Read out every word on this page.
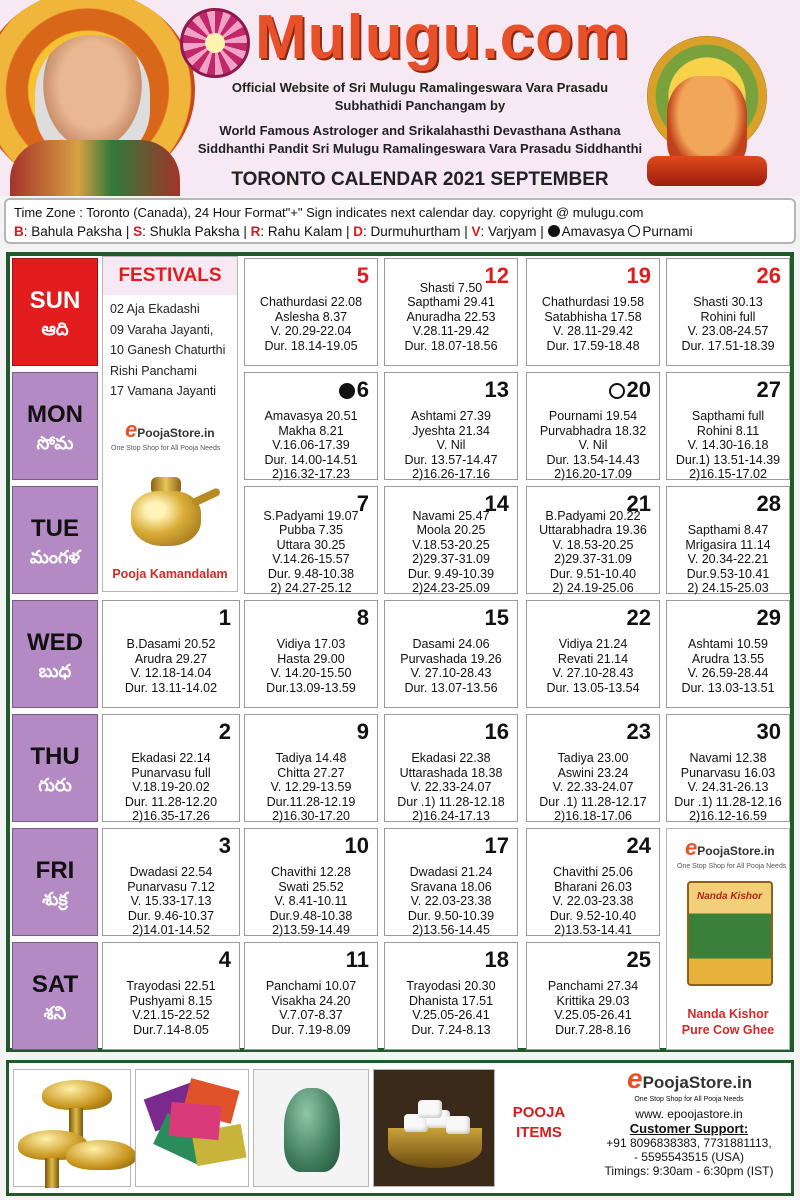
Mulugu.com
Official Website of Sri Mulugu Ramalingeswara Vara Prasadu
Subhathidi Panchangam by
World Famous Astrologer and Srikalahasthi Devasthana Asthana
Siddhanthi Pandit Sri Mulugu Ramalingeswara Vara Prasadu Siddhanthi
TORONTO CALENDAR 2021 SEPTEMBER
Time Zone : Toronto (Canada), 24 Hour Format"+" Sign indicates next calendar day. copyright @ mulugu.com
B: Bahula Paksha | S: Shukla Paksha | R: Rahu Kalam | D: Durmuhurtham | V: Varjyam | Amavasya Purnami
SUN
ఆది
5
Chathurdasi 22.08
Aslesha 8.37
V. 20.29-22.04
Dur. 18.14-19.05
12
Shasti 7.50
Sapthami 29.41
Anuradha 22.53
V.28.11-29.42
Dur. 18.07-18.56
19
Chathurdasi 19.58
Satabhisha 17.58
V. 28.11-29.42
Dur. 17.59-18.48
26
Shasti 30.13
Rohini full
V. 23.08-24.57
Dur. 17.51-18.39
MON
సోమ
6
Amavasya 20.51
Makha 8.21
V.16.06-17.39
Dur. 14.00-14.51
2)16.32-17.23
13
Ashtami 27.39
Jyeshta 21.34
V. Nil
Dur. 13.57-14.47
2)16.26-17.16
20
Pournami 19.54
Purvabhadra 18.32
V. Nil
Dur. 13.54-14.43
2)16.20-17.09
27
Sapthami full
Rohini 8.11
V. 14.30-16.18
Dur.1) 13.51-14.39
2)16.15-17.02
TUE
మంగళ
7
S.Padyami 19.07
Pubba 7.35
Uttara 30.25
V.14.26-15.57
Dur. 9.48-10.38
2) 24.27-25.12
14
Navami 25.47
Moola 20.25
V.18.53-20.25
2)29.37-31.09
Dur. 9.49-10.39
2)24.23-25.09
21
B.Padyami 20.22
Uttarabhadra 19.36
V. 18.53-20.25
2)29.37-31.09
Dur. 9.51-10.40
2) 24.19-25.06
28
Sapthami 8.47
Mrigasira 11.14
V. 20.34-22.21
Dur.9.53-10.41
2) 24.15-25.03
WED
బుధ
1
B.Dasami 20.52
Arudra 29.27
V. 12.18-14.04
Dur. 13.11-14.02
8
Vidiya 17.03
Hasta 29.00
V. 14.20-15.50
Dur.13.09-13.59
15
Dasami 24.06
Purvashada 19.26
V. 27.10-28.43
Dur. 13.07-13.56
22
Vidiya 21.24
Revati 21.14
V. 27.10-28.43
Dur. 13.05-13.54
29
Ashtami 10.59
Arudra 13.55
V. 26.59-28.44
Dur. 13.03-13.51
THU
గురు
2
Ekadasi 22.14
Punarvasu full
V.18.19-20.02
Dur. 11.28-12.20
2)16.35-17.26
9
Tadiya 14.48
Chitta 27.27
V. 12.29-13.59
Dur.11.28-12.19
2)16.30-17.20
16
Ekadasi 22.38
Uttarashada 18.38
V. 22.33-24.07
Dur .1) 11.28-12.18
2)16.24-17.13
23
Tadiya 23.00
Aswini 23.24
V. 22.33-24.07
Dur .1) 11.28-12.17
2)16.18-17.06
30
Navami 12.38
Punarvasu 16.03
V. 24.31-26.13
Dur .1) 11.28-12.16
2)16.12-16.59
FRI
శుక్ర
3
Dwadasi 22.54
Punarvasu 7.12
V. 15.33-17.13
Dur. 9.46-10.37
2)14.01-14.52
10
Chavithi 12.28
Swati 25.52
V. 8.41-10.11
Dur.9.48-10.38
2)13.59-14.49
17
Dwadasi 21.24
Sravana 18.06
V. 22.03-23.38
Dur. 9.50-10.39
2)13.56-14.45
24
Chavithi 25.06
Bharani 26.03
V. 22.03-23.38
Dur. 9.52-10.40
2)13.53-14.41
SAT
శని
4
Trayodasi 22.51
Pushyami 8.15
V.21.15-22.52
Dur.7.14-8.05
11
Panchami 10.07
Visakha 24.20
V.7.07-8.37
Dur. 7.19-8.09
18
Trayodasi 20.30
Dhanista 17.51
V.25.05-26.41
Dur. 7.24-8.13
25
Panchami 27.34
Krittika 29.03
V.25.05-26.41
Dur.7.28-8.16
FESTIVALS
02 Aja Ekadashi
09 Varaha Jayanti,
10 Ganesh Chaturthi
Rishi Panchami
17 Vamana Jayanti
ePoojaStore.in
One Stop Shop for All Pooja Needs
Pooja Kamandalam
ePoojaStore.in
One Stop Shop for All Pooja Needs
Nanda Kishor
Nanda Kishor
Pure Cow Ghee
POOJA
ITEMS
ePoojaStore.in
One Stop Shop for All Pooja Needs
www. epoojastore.in
Customer Support:
+91 8096838383, 7731881113,
- 5595543515 (USA)
Timings: 9:30am - 6:30pm (IST)
